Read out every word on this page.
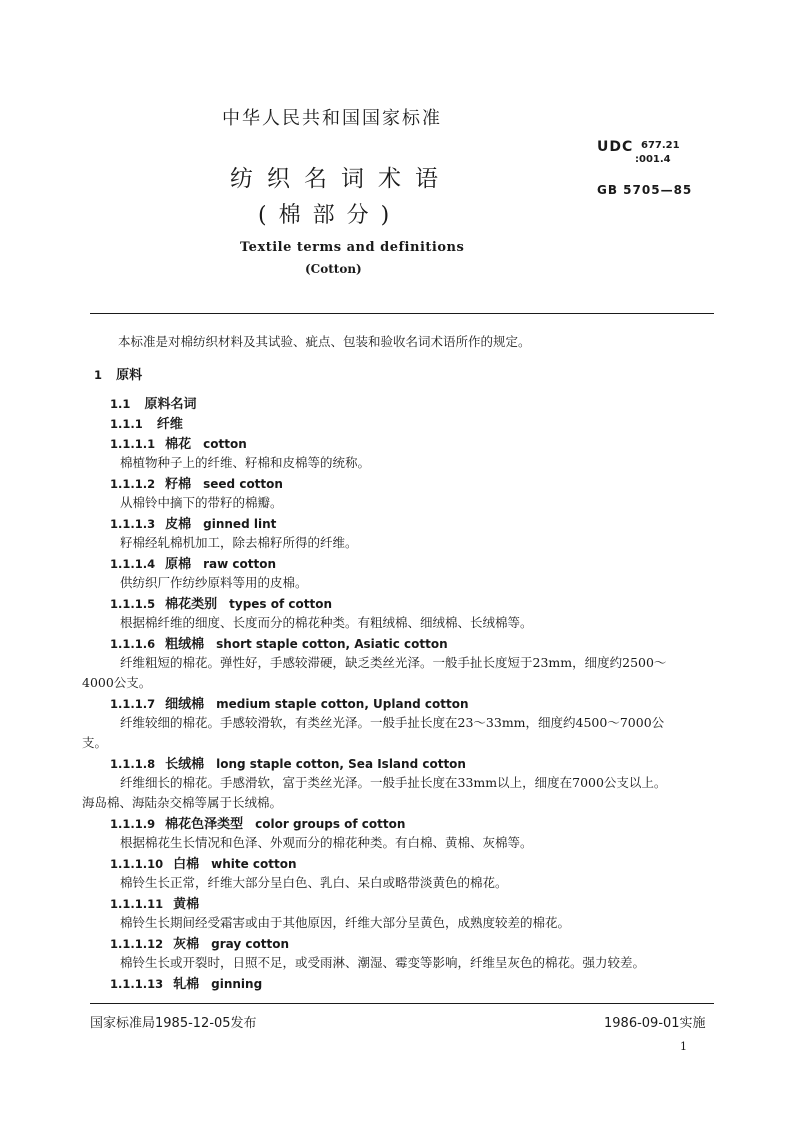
中华人民共和国国家标准
UDC 677.21
:001.4
GB 5705—85
纺织名词术语
(棉部分)
Textile terms and definitions
(Cotton)
本标准是对棉纺织材料及其试验、疵点、包装和验收名词术语所作的规定。
1 原料
1.1 原料名词
1.1.1 纤维
1.1.1.1 棉花 cotton
棉植物种子上的纤维、籽棉和皮棉等的统称。
1.1.1.2 籽棉 seed cotton
从棉铃中摘下的带籽的棉瓣。
1.1.1.3 皮棉 ginned lint
籽棉经轧棉机加工，除去棉籽所得的纤维。
1.1.1.4 原棉 raw cotton
供纺织厂作纺纱原料等用的皮棉。
1.1.1.5 棉花类别 types of cotton
根据棉纤维的细度、长度而分的棉花种类。有粗绒棉、细绒棉、长绒棉等。
1.1.1.6 粗绒棉 short staple cotton, Asiatic cotton
纤维粗短的棉花。弹性好，手感较滞硬，缺乏类丝光泽。一般手扯长度短于23mm，细度约2500～
4000公支。
1.1.1.7 细绒棉 medium staple cotton, Upland cotton
纤维较细的棉花。手感较滑软，有类丝光泽。一般手扯长度在23～33mm，细度约4500～7000公
支。
1.1.1.8 长绒棉 long staple cotton, Sea Island cotton
纤维细长的棉花。手感滑软，富于类丝光泽。一般手扯长度在33mm以上，细度在7000公支以上。
海岛棉、海陆杂交棉等属于长绒棉。
1.1.1.9 棉花色泽类型 color groups of cotton
根据棉花生长情况和色泽、外观而分的棉花种类。有白棉、黄棉、灰棉等。
1.1.1.10 白棉 white cotton
棉铃生长正常，纤维大部分呈白色、乳白、呆白或略带淡黄色的棉花。
1.1.1.11 黄棉
棉铃生长期间经受霜害或由于其他原因，纤维大部分呈黄色，成熟度较差的棉花。
1.1.1.12 灰棉 gray cotton
棉铃生长或开裂时，日照不足，或受雨淋、潮湿、霉变等影响，纤维呈灰色的棉花。强力较差。
1.1.1.13 轧棉 ginning
国家标准局1985-12-05发布	1986-09-01实施
1
